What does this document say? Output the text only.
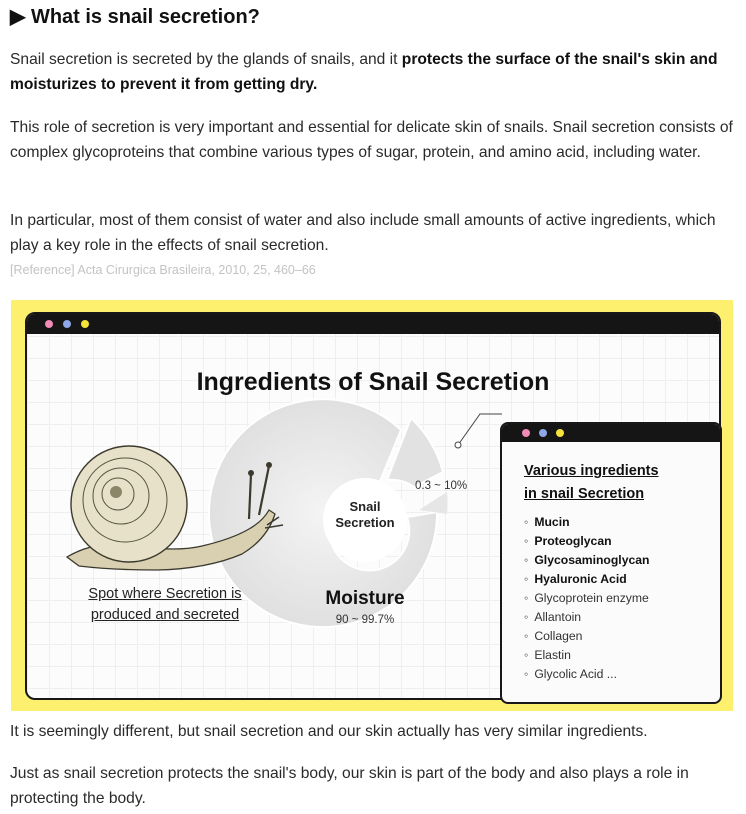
▶ What is snail secretion?

Snail secretion is secreted by the glands of snails, and it protects the surface of the snail's skin and moisturizes to prevent it from getting dry.

This role of secretion is very important and essential for delicate skin of snails. Snail secretion consists of complex glycoproteins that combine various types of sugar, protein, and amino acid, including water.

In particular, most of them consist of water and also include small amounts of active ingredients, which play a key role in the effects of snail secretion.

[Reference] Acta Cirurgica Brasileira, 2010, 25, 460–66
Ingredients of Snail Secretion
Spot where Secretion is
produced and secreted
Snail
Secretion
Moisture
90 ~ 99.7%
0.3 ~ 10%
Various ingredients
in snail Secretion
◦ Mucin
◦ Proteoglycan
◦ Glycosaminoglycan
◦ Hyaluronic Acid
◦ Glycoprotein enzyme
◦ Allantoin
◦ Collagen
◦ Elastin
◦ Glycolic Acid ...

It is seemingly different, but snail secretion and our skin actually has very similar ingredients.

Just as snail secretion protects the snail's body, our skin is part of the body and also plays a role in protecting the body.
